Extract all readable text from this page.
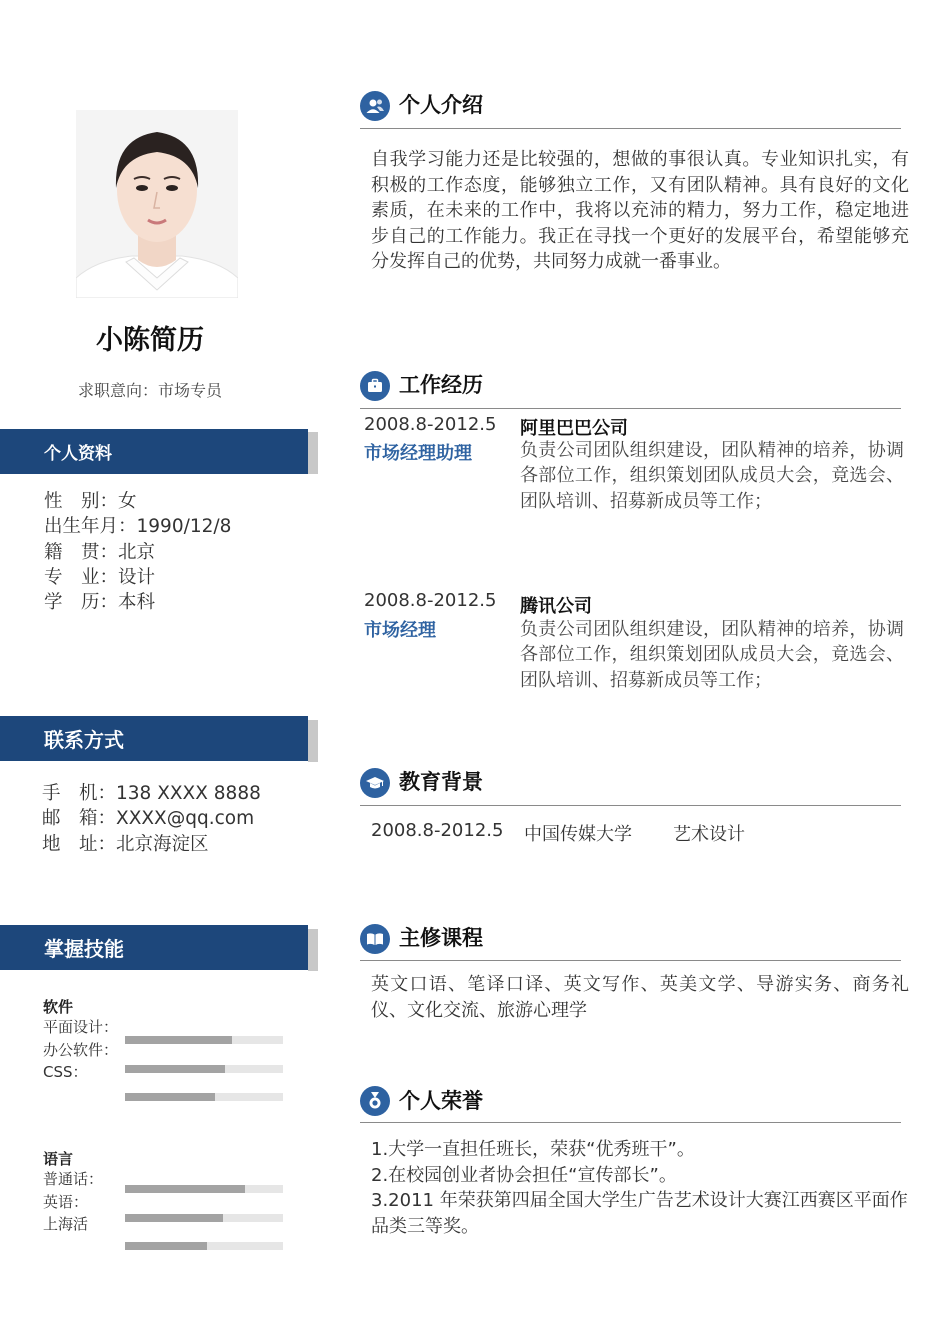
小陈简历
求职意向：市场专员
个人资料
性　别：女
出生年月：1990/12/8
籍　贯：北京
专　业：设计
学　历：本科
联系方式
手　机：138 XXXX 8888
邮　箱：XXXX@qq.com
地　址：北京海淀区
掌握技能
软件
平面设计：
办公软件：
CSS：
语言
普通话：
英语：
上海活
个人介绍
自我学习能力还是比较强的，想做的事很认真。专业知识扎实，有积极的工作态度，能够独立工作，又有团队精神。具有良好的文化素质，在未来的工作中，我将以充沛的精力，努力工作，稳定地进步自己的工作能力。我正在寻找一个更好的发展平台，希望能够充分发挥自己的优势，共同努力成就一番事业。
工作经历
2008.8-2012.5
市场经理助理
阿里巴巴公司
负责公司团队组织建设，团队精神的培养，协调各部位工作，组织策划团队成员大会，竟选会、团队培训、招募新成员等工作；
2008.8-2012.5
市场经理
腾讯公司
负责公司团队组织建设，团队精神的培养，协调各部位工作，组织策划团队成员大会，竟选会、团队培训、招募新成员等工作；
教育背景
2008.8-2012.5 中国传媒大学 艺术设计
主修课程
英文口语、笔译口译、英文写作、英美文学、导游实务、商务礼仪、文化交流、旅游心理学
个人荣誉
1.大学一直担任班长，荣获“优秀班干”。
2.在校园创业者协会担任“宣传部长”。
3.2011 年荣获第四届全国大学生广告艺术设计大赛江西赛区平面作品类三等奖。
